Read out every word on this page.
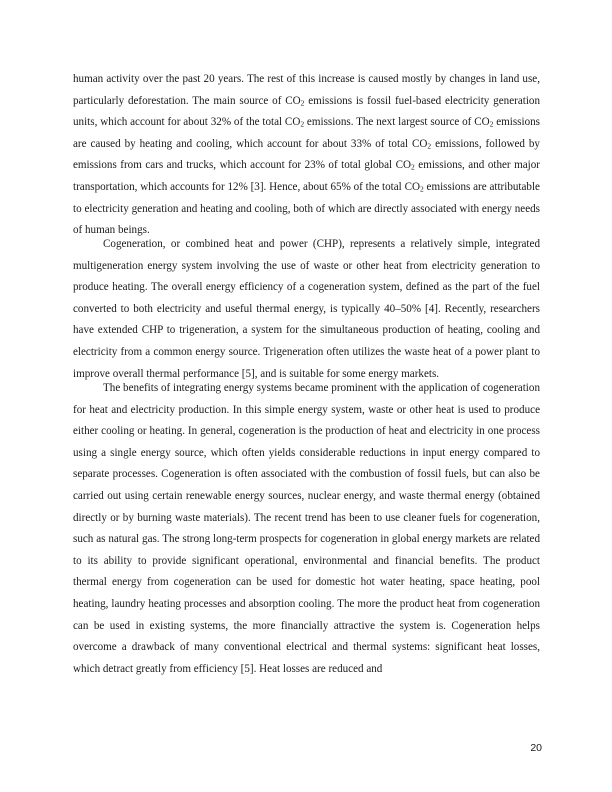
human activity over the past 20 years. The rest of this increase is caused mostly by changes in land use, particularly deforestation. The main source of $CO_2$ emissions is fossil fuel-based electricity generation units, which account for about 32% of the total $CO_2$ emissions. The next largest source of $CO_2$ emissions are caused by heating and cooling, which account for about 33% of total $CO_2$ emissions, followed by emissions from cars and trucks, which account for 23% of total global $CO_2$ emissions, and other major transportation, which accounts for 12% [3]. Hence, about 65% of the total $CO_2$ emissions are attributable to electricity generation and heating and cooling, both of which are directly associated with energy needs of human beings.

Cogeneration, or combined heat and power (CHP), represents a relatively simple, integrated multigeneration energy system involving the use of waste or other heat from electricity generation to produce heating. The overall energy efficiency of a cogeneration system, defined as the part of the fuel converted to both electricity and useful thermal energy, is typically 40–50% [4]. Recently, researchers have extended CHP to trigeneration, a system for the simultaneous production of heating, cooling and electricity from a common energy source. Trigeneration often utilizes the waste heat of a power plant to improve overall thermal performance [5], and is suitable for some energy markets.

The benefits of integrating energy systems became prominent with the application of cogeneration for heat and electricity production. In this simple energy system, waste or other heat is used to produce either cooling or heating. In general, cogeneration is the production of heat and electricity in one process using a single energy source, which often yields considerable reductions in input energy compared to separate processes. Cogeneration is often associated with the combustion of fossil fuels, but can also be carried out using certain renewable energy sources, nuclear energy, and waste thermal energy (obtained directly or by burning waste materials). The recent trend has been to use cleaner fuels for cogeneration, such as natural gas. The strong long-term prospects for cogeneration in global energy markets are related to its ability to provide significant operational, environmental and financial benefits. The product thermal energy from cogeneration can be used for domestic hot water heating, space heating, pool heating, laundry heating processes and absorption cooling. The more the product heat from cogeneration can be used in existing systems, the more financially attractive the system is. Cogeneration helps overcome a drawback of many conventional electrical and thermal systems: significant heat losses, which detract greatly from efficiency [5]. Heat losses are reduced and

20
